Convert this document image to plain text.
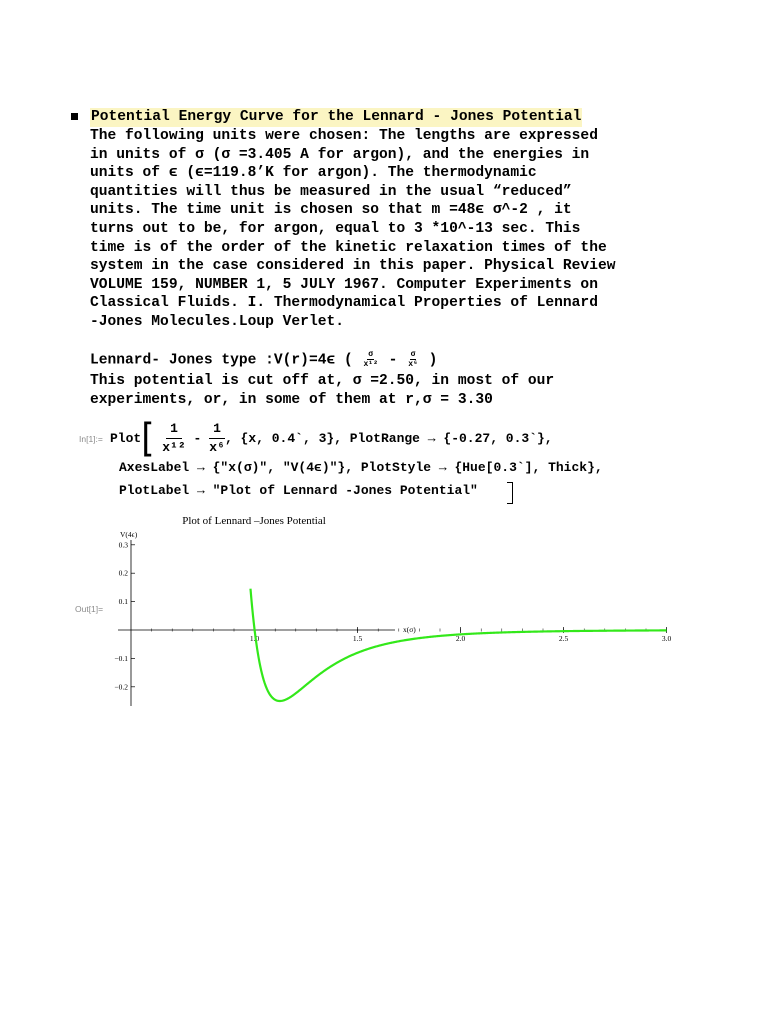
Potential Energy Curve for the Lennard - Jones Potential
The following units were chosen: The lengths are expressed
in units of σ (σ =3.405 A for argon), and the energies in
units of ϵ (ϵ=119.8’K for argon). The thermodynamic
quantities will thus be measured in the usual “reduced”
units. The time unit is chosen so that m =48ϵ σ^-2 , it
turns out to be, for argon, equal to 3 *10^-13 sec. This
time is of the order of the kinetic relaxation times of the
system in the case considered in this paper. Physical Review
VOLUME 159, NUMBER 1, 5 JULY 1967. Computer Experiments on
Classical Fluids. I. Thermodynamical Properties of Lennard
-Jones Molecules.Loup Verlet.
Lennard- Jones type :V(r)=4ϵ ( $\frac{\sigma}{\text{x¹²}} - \frac{\sigma}{\text{x⁶}}$ )
This potential is cut off at, σ =2.50, in most of our
experiments, or, in some of them at r,σ = 3.30
In[1]:= Plot[ $\frac{1}{\text{x¹²}} - \frac{1}{\text{x⁶}}$ , {x, 0.4`, 3}, PlotRange → {-0.27, 0.3`},
AxesLabel → {"x(σ)", "V(4ϵ)"}, PlotStyle → {Hue[0.3`], Thick},
PlotLabel → "Plot of Lennard -Jones Potential"
Out[1]=
Plot of Lennard –Jones Potential
V(4ϵ)
x(σ)
1.0	1.5	2.0	2.5	3.0
0.3
0.2
0.1
−0.1
−0.2
